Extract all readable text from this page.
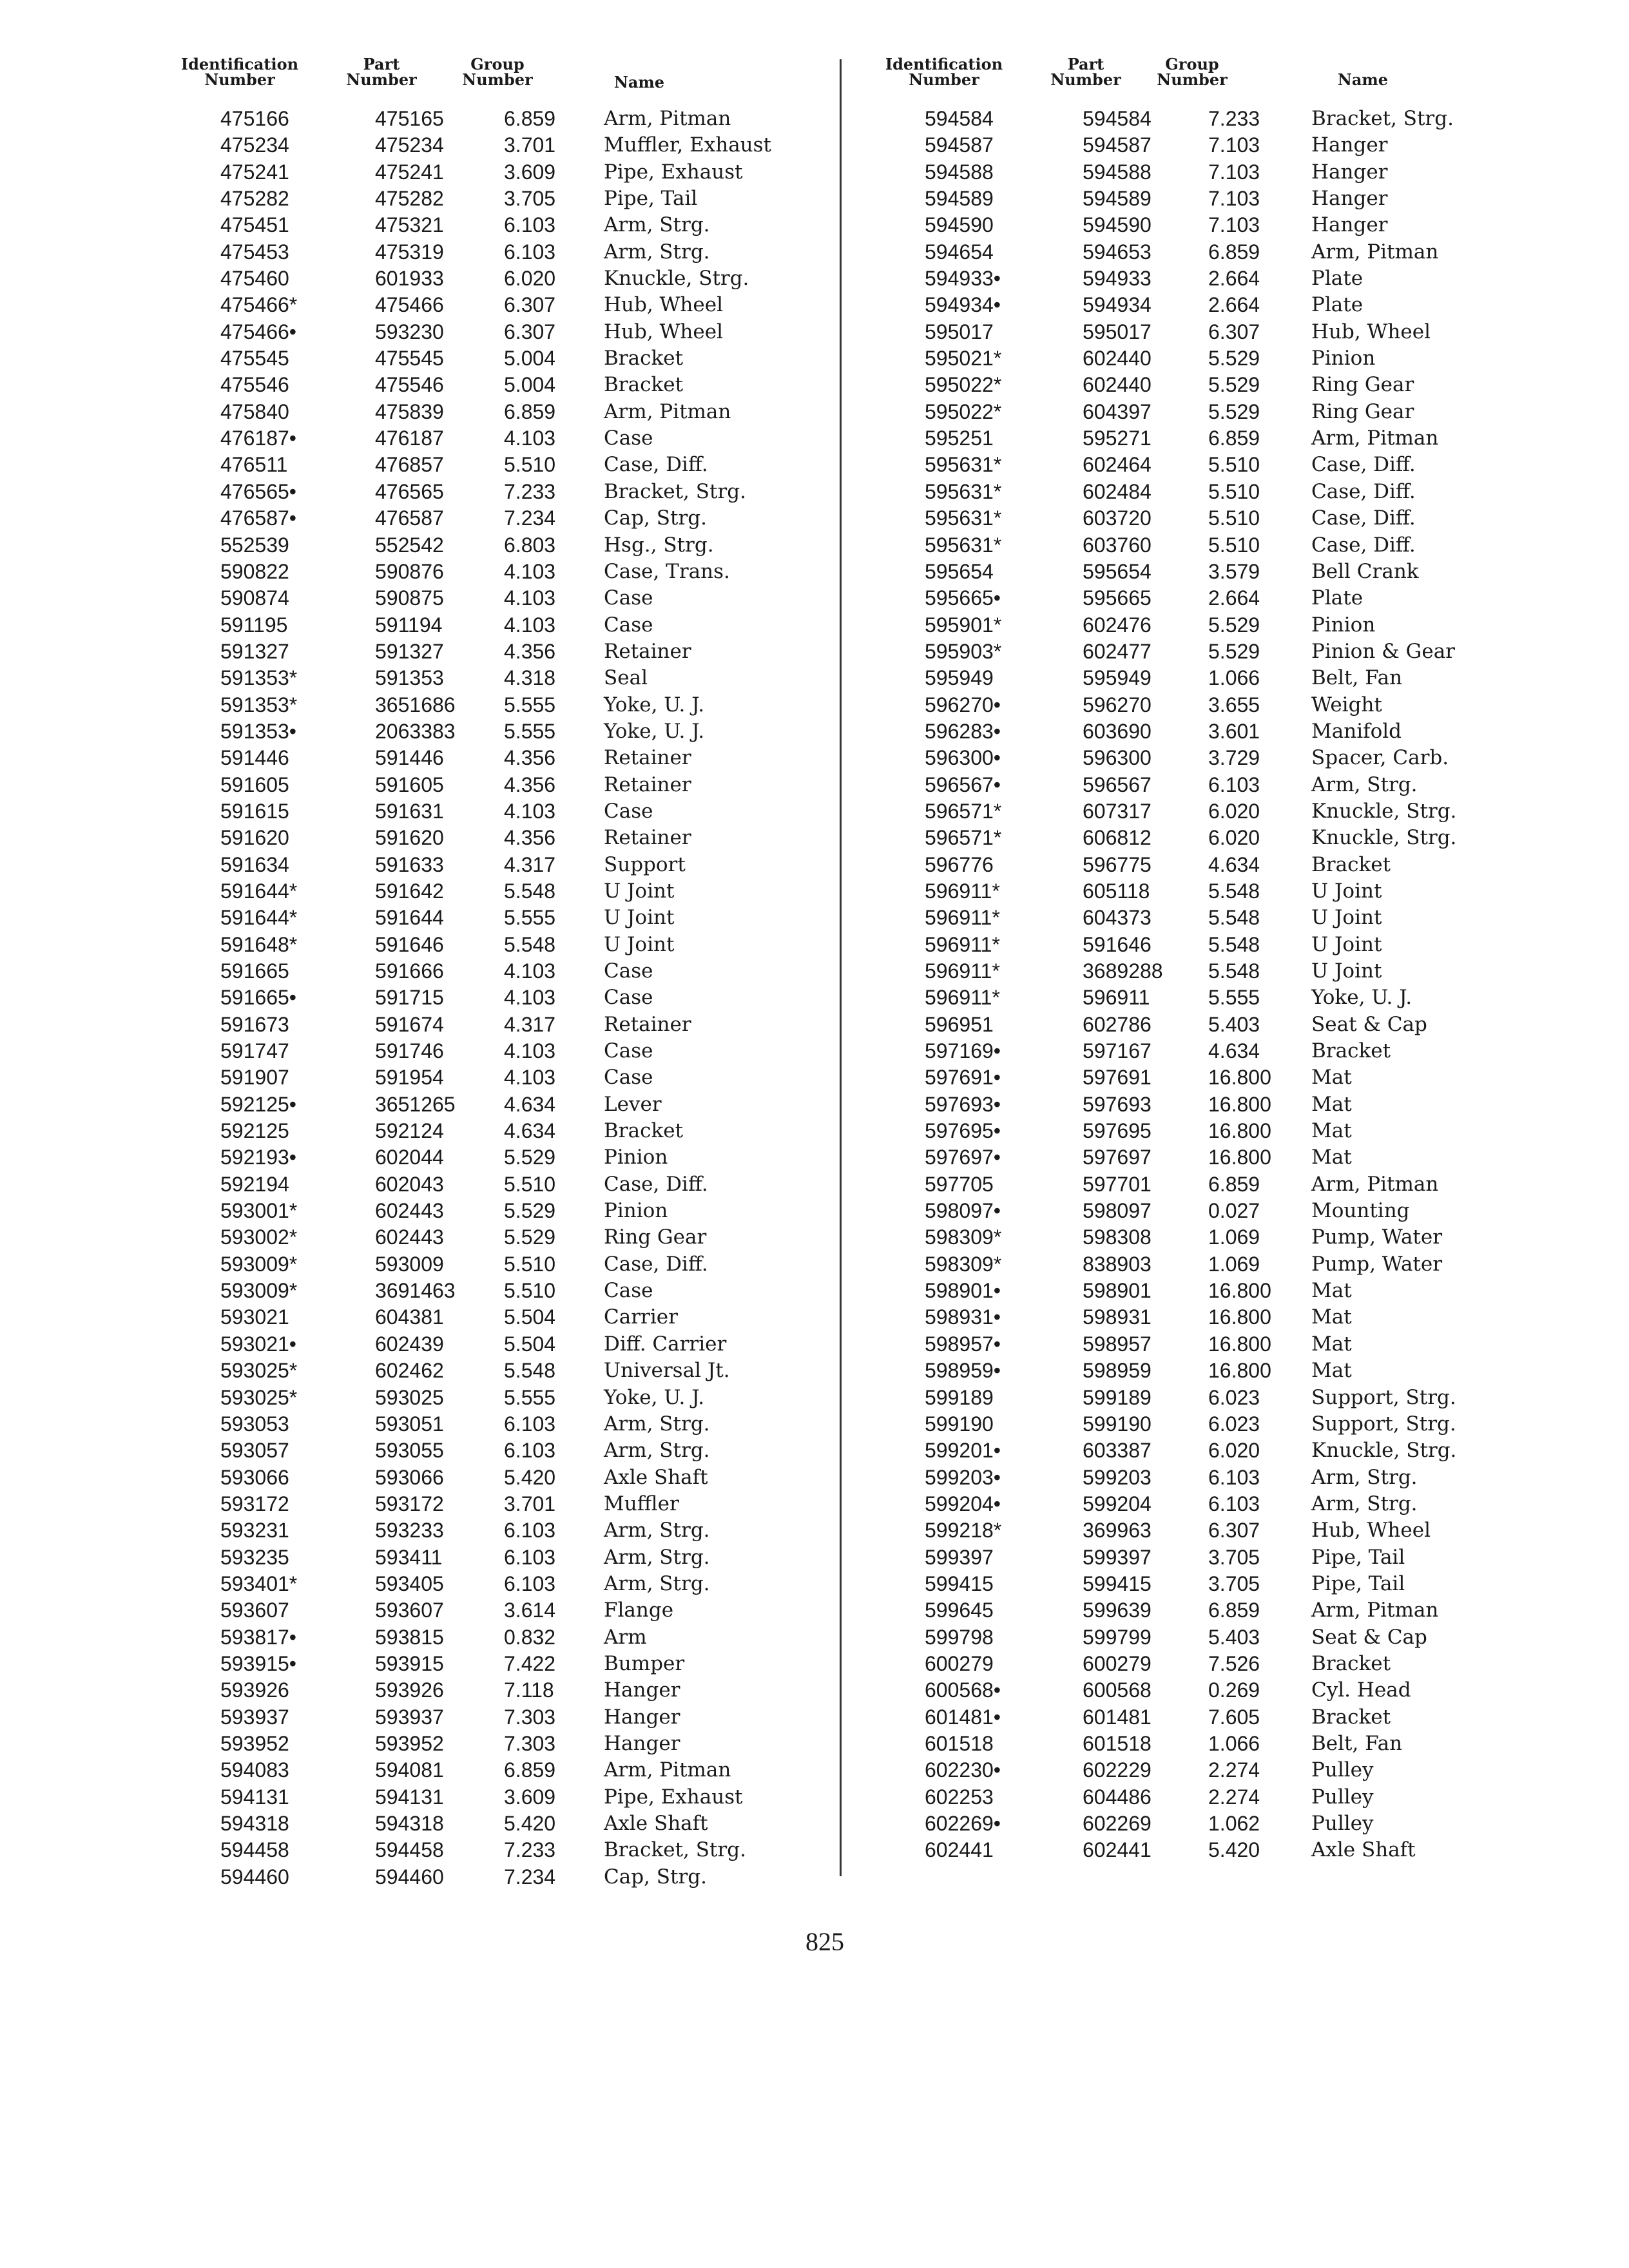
Identification
Number
Part
Number
Group
Number	Name
475166	475165	6.859 Arm, Pitman
475234	475234	3.701 Muffler, Exhaust
475241	475241	3.609 Pipe, Exhaust
475282	475282	3.705 Pipe, Tail
475451	475321	6.103 Arm, Strg.
475453	475319	6.103 Arm, Strg.
475460	601933	6.020 Knuckle, Strg.
475466*	475466	6.307 Hub, Wheel
475466•	593230	6.307 Hub, Wheel
475545	475545	5.004 Bracket
475546	475546	5.004 Bracket
475840	475839	6.859 Arm, Pitman
476187•	476187	4.103 Case
476511	476857	5.510 Case, Diff.
476565•	476565	7.233 Bracket, Strg.
476587•	476587	7.234 Cap, Strg.
552539	552542	6.803 Hsg., Strg.
590822	590876	4.103 Case, Trans.
590874	590875	4.103 Case
591195	591194	4.103 Case
591327	591327	4.356 Retainer
591353*	591353	4.318 Seal
591353*	3651686 5.555 Yoke, U. J.
591353•	2063383 5.555 Yoke, U. J.
591446	591446	4.356 Retainer
591605	591605	4.356 Retainer
591615	591631	4.103 Case
591620	591620	4.356 Retainer
591634	591633	4.317 Support
591644*	591642	5.548 U Joint
591644*	591644	5.555 U Joint
591648*	591646	5.548 U Joint
591665	591666	4.103 Case
591665•	591715	4.103 Case
591673	591674	4.317 Retainer
591747	591746	4.103 Case
591907	591954	4.103 Case
592125•	3651265 4.634 Lever
592125	592124	4.634 Bracket
592193•	602044	5.529 Pinion
592194	602043	5.510 Case, Diff.
593001*	602443	5.529 Pinion
593002*	602443	5.529 Ring Gear
593009*	593009	5.510 Case, Diff.
593009*	3691463 5.510 Case
593021	604381	5.504 Carrier
593021•	602439	5.504 Diff. Carrier
593025*	602462	5.548 Universal Jt.
593025*	593025	5.555 Yoke, U. J.
593053	593051	6.103 Arm, Strg.
593057	593055	6.103 Arm, Strg.
593066	593066	5.420 Axle Shaft
593172	593172	3.701 Muffler
593231	593233	6.103 Arm, Strg.
593235	593411	6.103 Arm, Strg.
593401*	593405	6.103 Arm, Strg.
593607	593607	3.614 Flange
593817•	593815	0.832 Arm
593915•	593915	7.422 Bumper
593926	593926	7.118 Hanger
593937	593937	7.303 Hanger
593952	593952	7.303 Hanger
594083	594081	6.859 Arm, Pitman
594131	594131	3.609 Pipe, Exhaust
594318	594318	5.420 Axle Shaft
594458	594458	7.233 Bracket, Strg.
594460	594460	7.234 Cap, Strg.
Identification
Number
Part
Number
Group
Number	Name
594584	594584	7.233	Bracket, Strg.
594587	594587	7.103	Hanger
594588	594588	7.103	Hanger
594589	594589	7.103	Hanger
594590	594590	7.103	Hanger
594654	594653	6.859	Arm, Pitman
594933•	594933	2.664	Plate
594934•	594934	2.664	Plate
595017	595017	6.307	Hub, Wheel
595021*	602440	5.529	Pinion
595022*	602440	5.529	Ring Gear
595022*	604397	5.529	Ring Gear
595251	595271	6.859	Arm, Pitman
595631*	602464	5.510	Case, Diff.
595631*	602484	5.510	Case, Diff.
595631*	603720	5.510	Case, Diff.
595631*	603760	5.510	Case, Diff.
595654	595654	3.579	Bell Crank
595665•	595665	2.664	Plate
595901*	602476	5.529	Pinion
595903*	602477	5.529	Pinion & Gear
595949	595949	1.066	Belt, Fan
596270•	596270	3.655	Weight
596283•	603690	3.601	Manifold
596300•	596300	3.729	Spacer, Carb.
596567•	596567	6.103	Arm, Strg.
596571*	607317	6.020	Knuckle, Strg.
596571*	606812	6.020	Knuckle, Strg.
596776	596775	4.634	Bracket
596911*	605118	5.548	U Joint
596911*	604373	5.548	U Joint
596911*	591646	5.548	U Joint
596911*	3689288 5.548	U Joint
596911*	596911	5.555	Yoke, U. J.
596951	602786	5.403	Seat & Cap
597169•	597167	4.634	Bracket
597691•	597691	16.800 Mat
597693•	597693	16.800 Mat
597695•	597695	16.800 Mat
597697•	597697	16.800 Mat
597705	597701	6.859	Arm, Pitman
598097•	598097	0.027	Mounting
598309*	598308	1.069	Pump, Water
598309*	838903	1.069	Pump, Water
598901•	598901	16.800 Mat
598931•	598931	16.800 Mat
598957•	598957	16.800 Mat
598959•	598959	16.800 Mat
599189	599189	6.023	Support, Strg.
599190	599190	6.023	Support, Strg.
599201•	603387	6.020	Knuckle, Strg.
599203•	599203	6.103	Arm, Strg.
599204•	599204	6.103	Arm, Strg.
599218*	369963	6.307	Hub, Wheel
599397	599397	3.705	Pipe, Tail
599415	599415	3.705	Pipe, Tail
599645	599639	6.859	Arm, Pitman
599798	599799	5.403	Seat & Cap
600279	600279	7.526	Bracket
600568•	600568	0.269	Cyl. Head
601481•	601481	7.605	Bracket
601518	601518	1.066	Belt, Fan
602230•	602229	2.274	Pulley
602253	604486	2.274	Pulley
602269•	602269	1.062	Pulley
602441	602441	5.420	Axle Shaft
825
